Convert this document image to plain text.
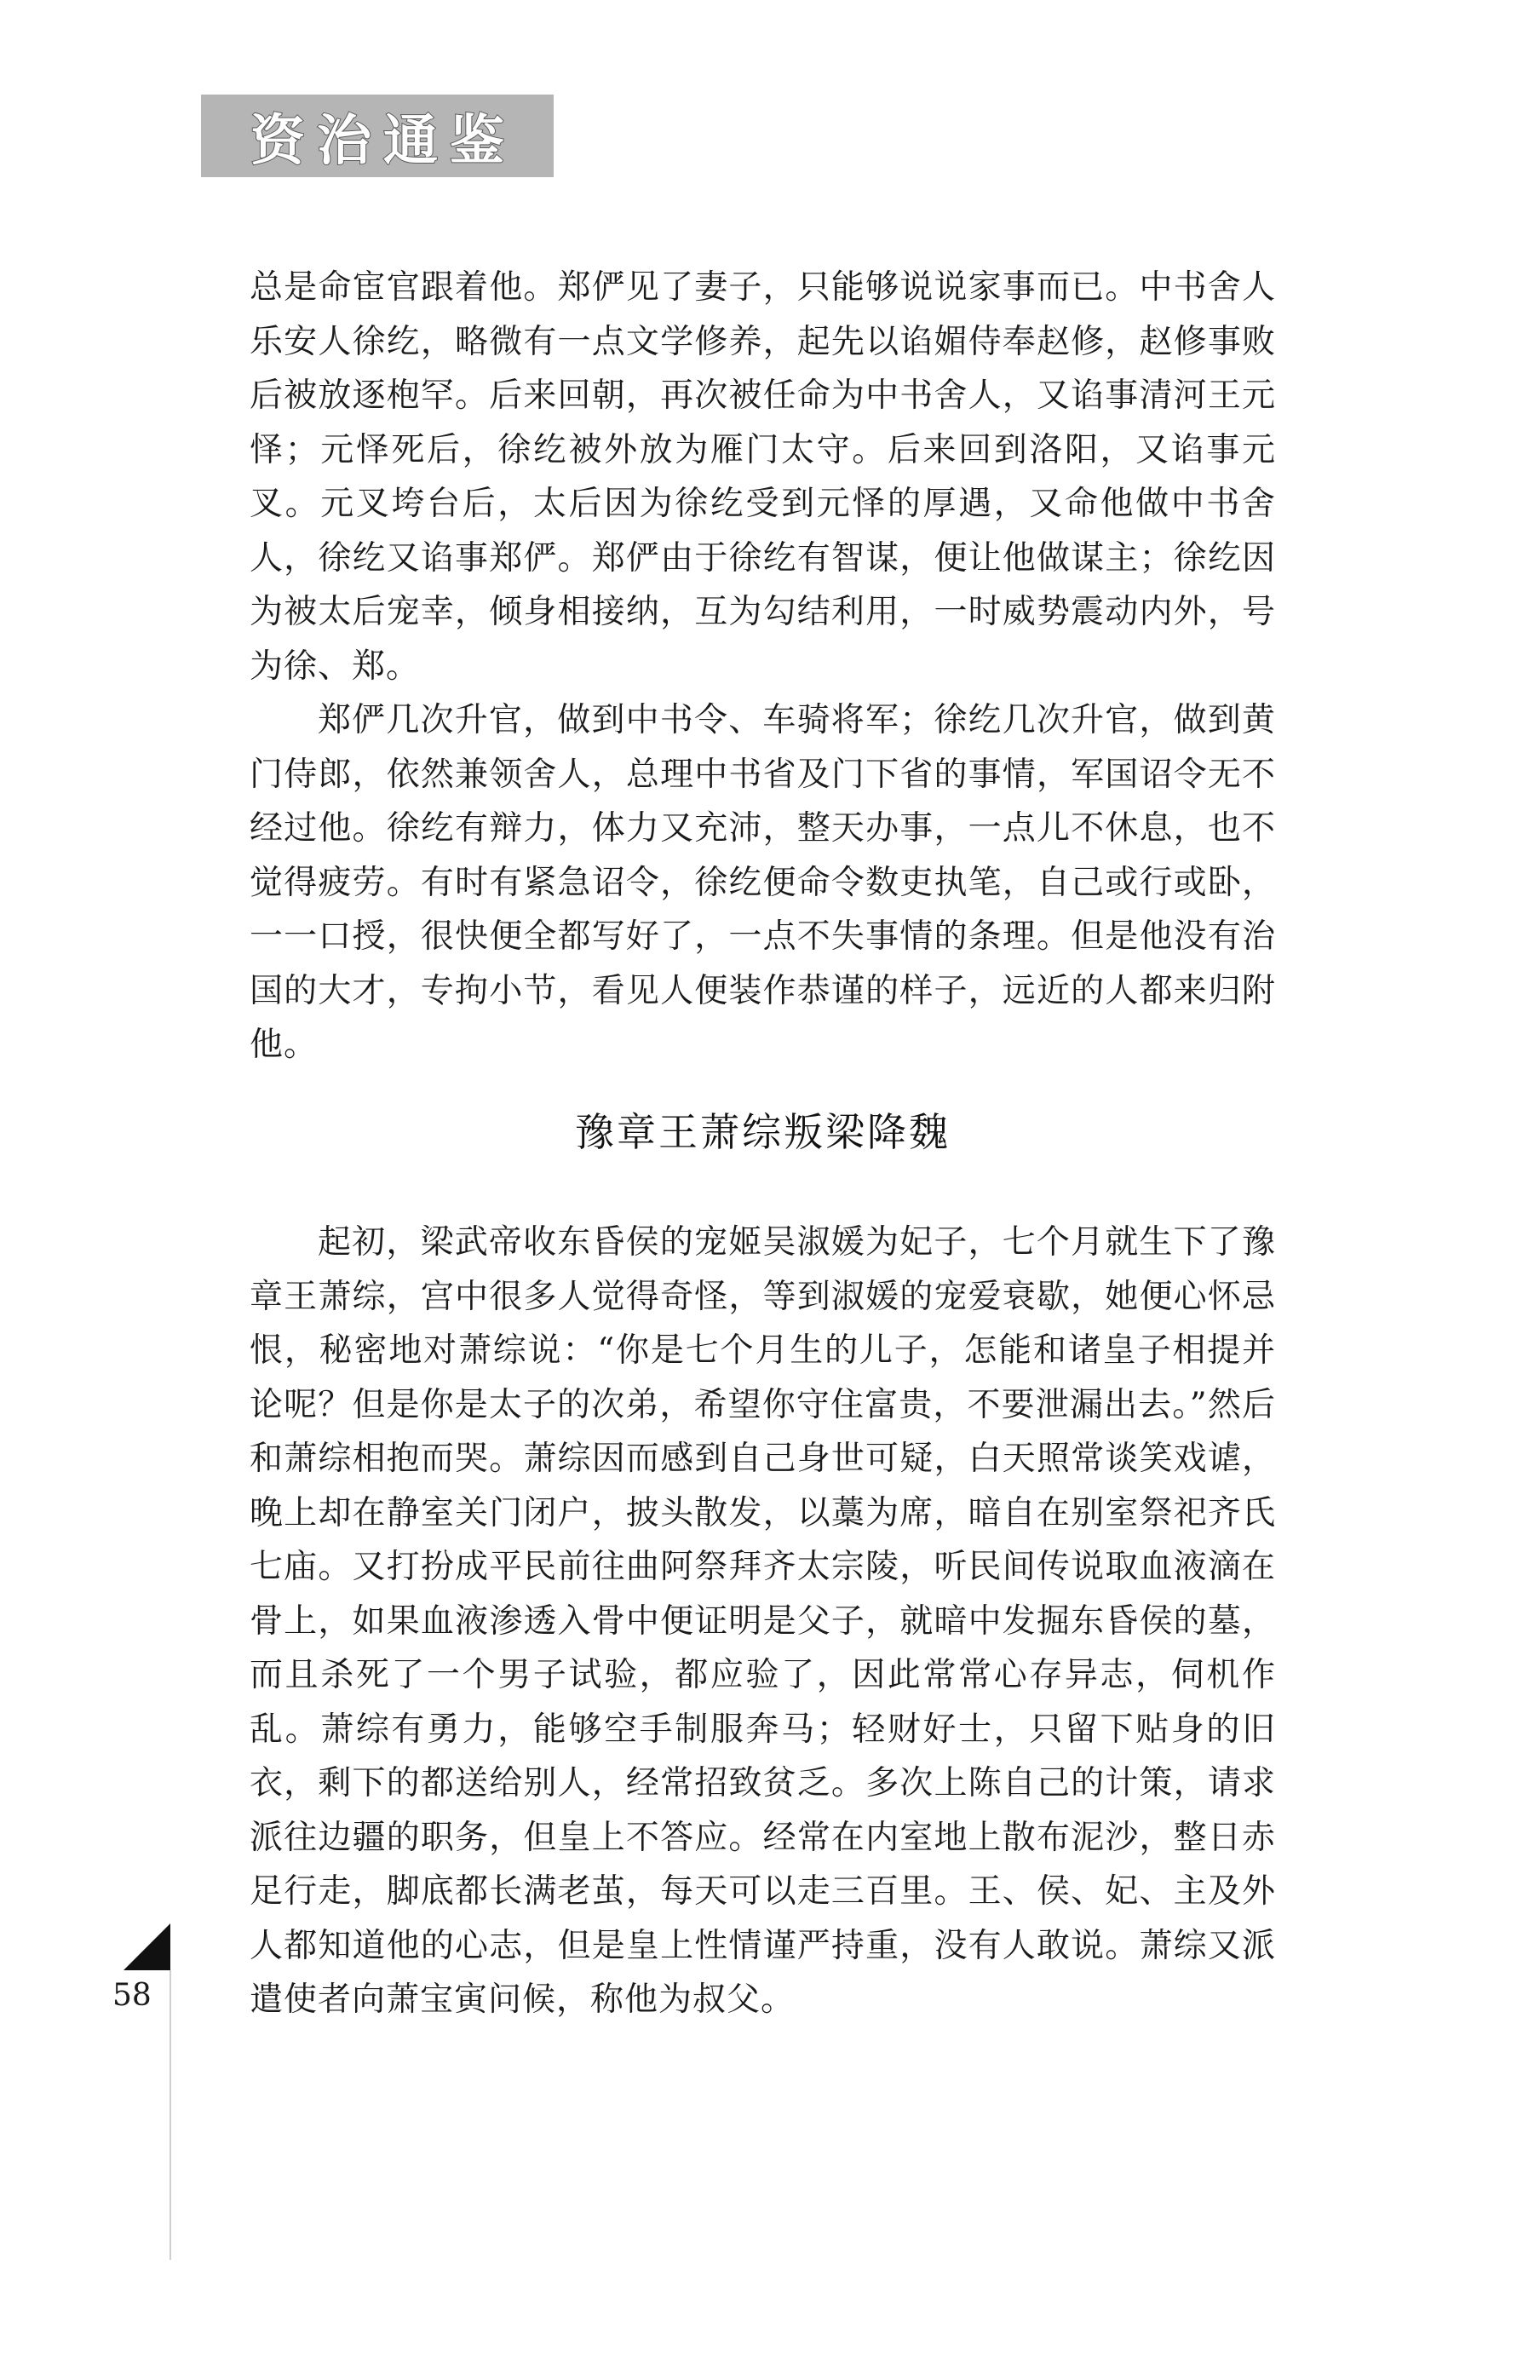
资治通鉴

总是命宦官跟着他。郑俨见了妻子，只能够说说家事而已。中书舍人乐安人徐纥，略微有一点文学修养，起先以谄媚侍奉赵修，赵修事败后被放逐枹罕。后来回朝，再次被任命为中书舍人，又谄事清河王元怿；元怿死后，徐纥被外放为雁门太守。后来回到洛阳，又谄事元叉。元叉垮台后，太后因为徐纥受到元怿的厚遇，又命他做中书舍人，徐纥又谄事郑俨。郑俨由于徐纥有智谋，便让他做谋主；徐纥因为被太后宠幸，倾身相接纳，互为勾结利用，一时威势震动内外，号为徐、郑。

郑俨几次升官，做到中书令、车骑将军；徐纥几次升官，做到黄门侍郎，依然兼领舍人，总理中书省及门下省的事情，军国诏令无不经过他。徐纥有辩力，体力又充沛，整天办事，一点儿不休息，也不觉得疲劳。有时有紧急诏令，徐纥便命令数吏执笔，自己或行或卧，一一口授，很快便全都写好了，一点不失事情的条理。但是他没有治国的大才，专拘小节，看见人便装作恭谨的样子，远近的人都来归附他。

豫章王萧综叛梁降魏

起初，梁武帝收东昏侯的宠姬吴淑媛为妃子，七个月就生下了豫章王萧综，宫中很多人觉得奇怪，等到淑媛的宠爱衰歇，她便心怀忌恨，秘密地对萧综说：“你是七个月生的儿子，怎能和诸皇子相提并论呢？但是你是太子的次弟，希望你守住富贵，不要泄漏出去。”然后和萧综相抱而哭。萧综因而感到自己身世可疑，白天照常谈笑戏谑，晚上却在静室关门闭户，披头散发，以藁为席，暗自在别室祭祀齐氏七庙。又打扮成平民前往曲阿祭拜齐太宗陵，听民间传说取血液滴在骨上，如果血液渗透入骨中便证明是父子，就暗中发掘东昏侯的墓，而且杀死了一个男子试验，都应验了，因此常常心存异志，伺机作乱。萧综有勇力，能够空手制服奔马；轻财好士，只留下贴身的旧衣，剩下的都送给别人，经常招致贫乏。多次上陈自己的计策，请求派往边疆的职务，但皇上不答应。经常在内室地上散布泥沙，整日赤足行走，脚底都长满老茧，每天可以走三百里。王、侯、妃、主及外人都知道他的心志，但是皇上性情谨严持重，没有人敢说。萧综又派遣使者向萧宝寅问候，称他为叔父。

58
